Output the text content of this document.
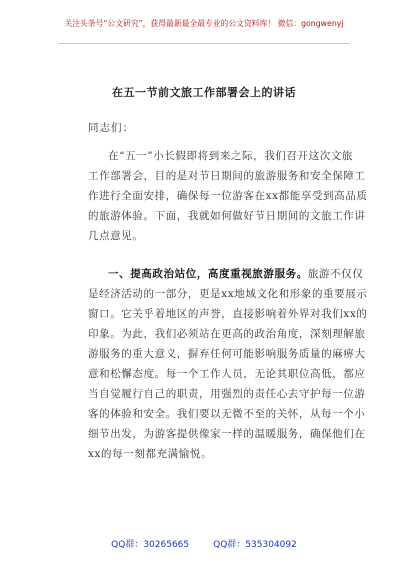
关注头条号“公文研究”，获得最新最全最专业的公文资料库！ 微信：gongwenyj
在五一节前文旅工作部署会上的讲话
同志们：
在“五一”小长假即将到来之际，我们召开这次文旅
工作部署会，目的是对节日期间的旅游服务和安全保障工
作进行全面安排，确保每一位游客在xx都能享受到高品质
的旅游体验。下面，我就如何做好节日期间的文旅工作讲
几点意见。
一、提高政治站位，高度重视旅游服务。旅游不仅仅
是经济活动的一部分，更是xx地域文化和形象的重要展示
窗口。它关乎着地区的声誉，直接影响着外界对我们xx的
印象。为此，我们必须站在更高的政治角度，深刻理解旅
游服务的重大意义，摒弃任何可能影响服务质量的麻痹大
意和松懈态度。每一个工作人员，无论其职位高低，都应
当自觉履行自己的职责，用强烈的责任心去守护每一位游
客的体验和安全。我们要以无微不至的关怀，从每一个小
细节出发，为游客提供像家一样的温暖服务，确保他们在
xx的每一刻都充满愉悦。
QQ群：30265665	QQ群：535304092
